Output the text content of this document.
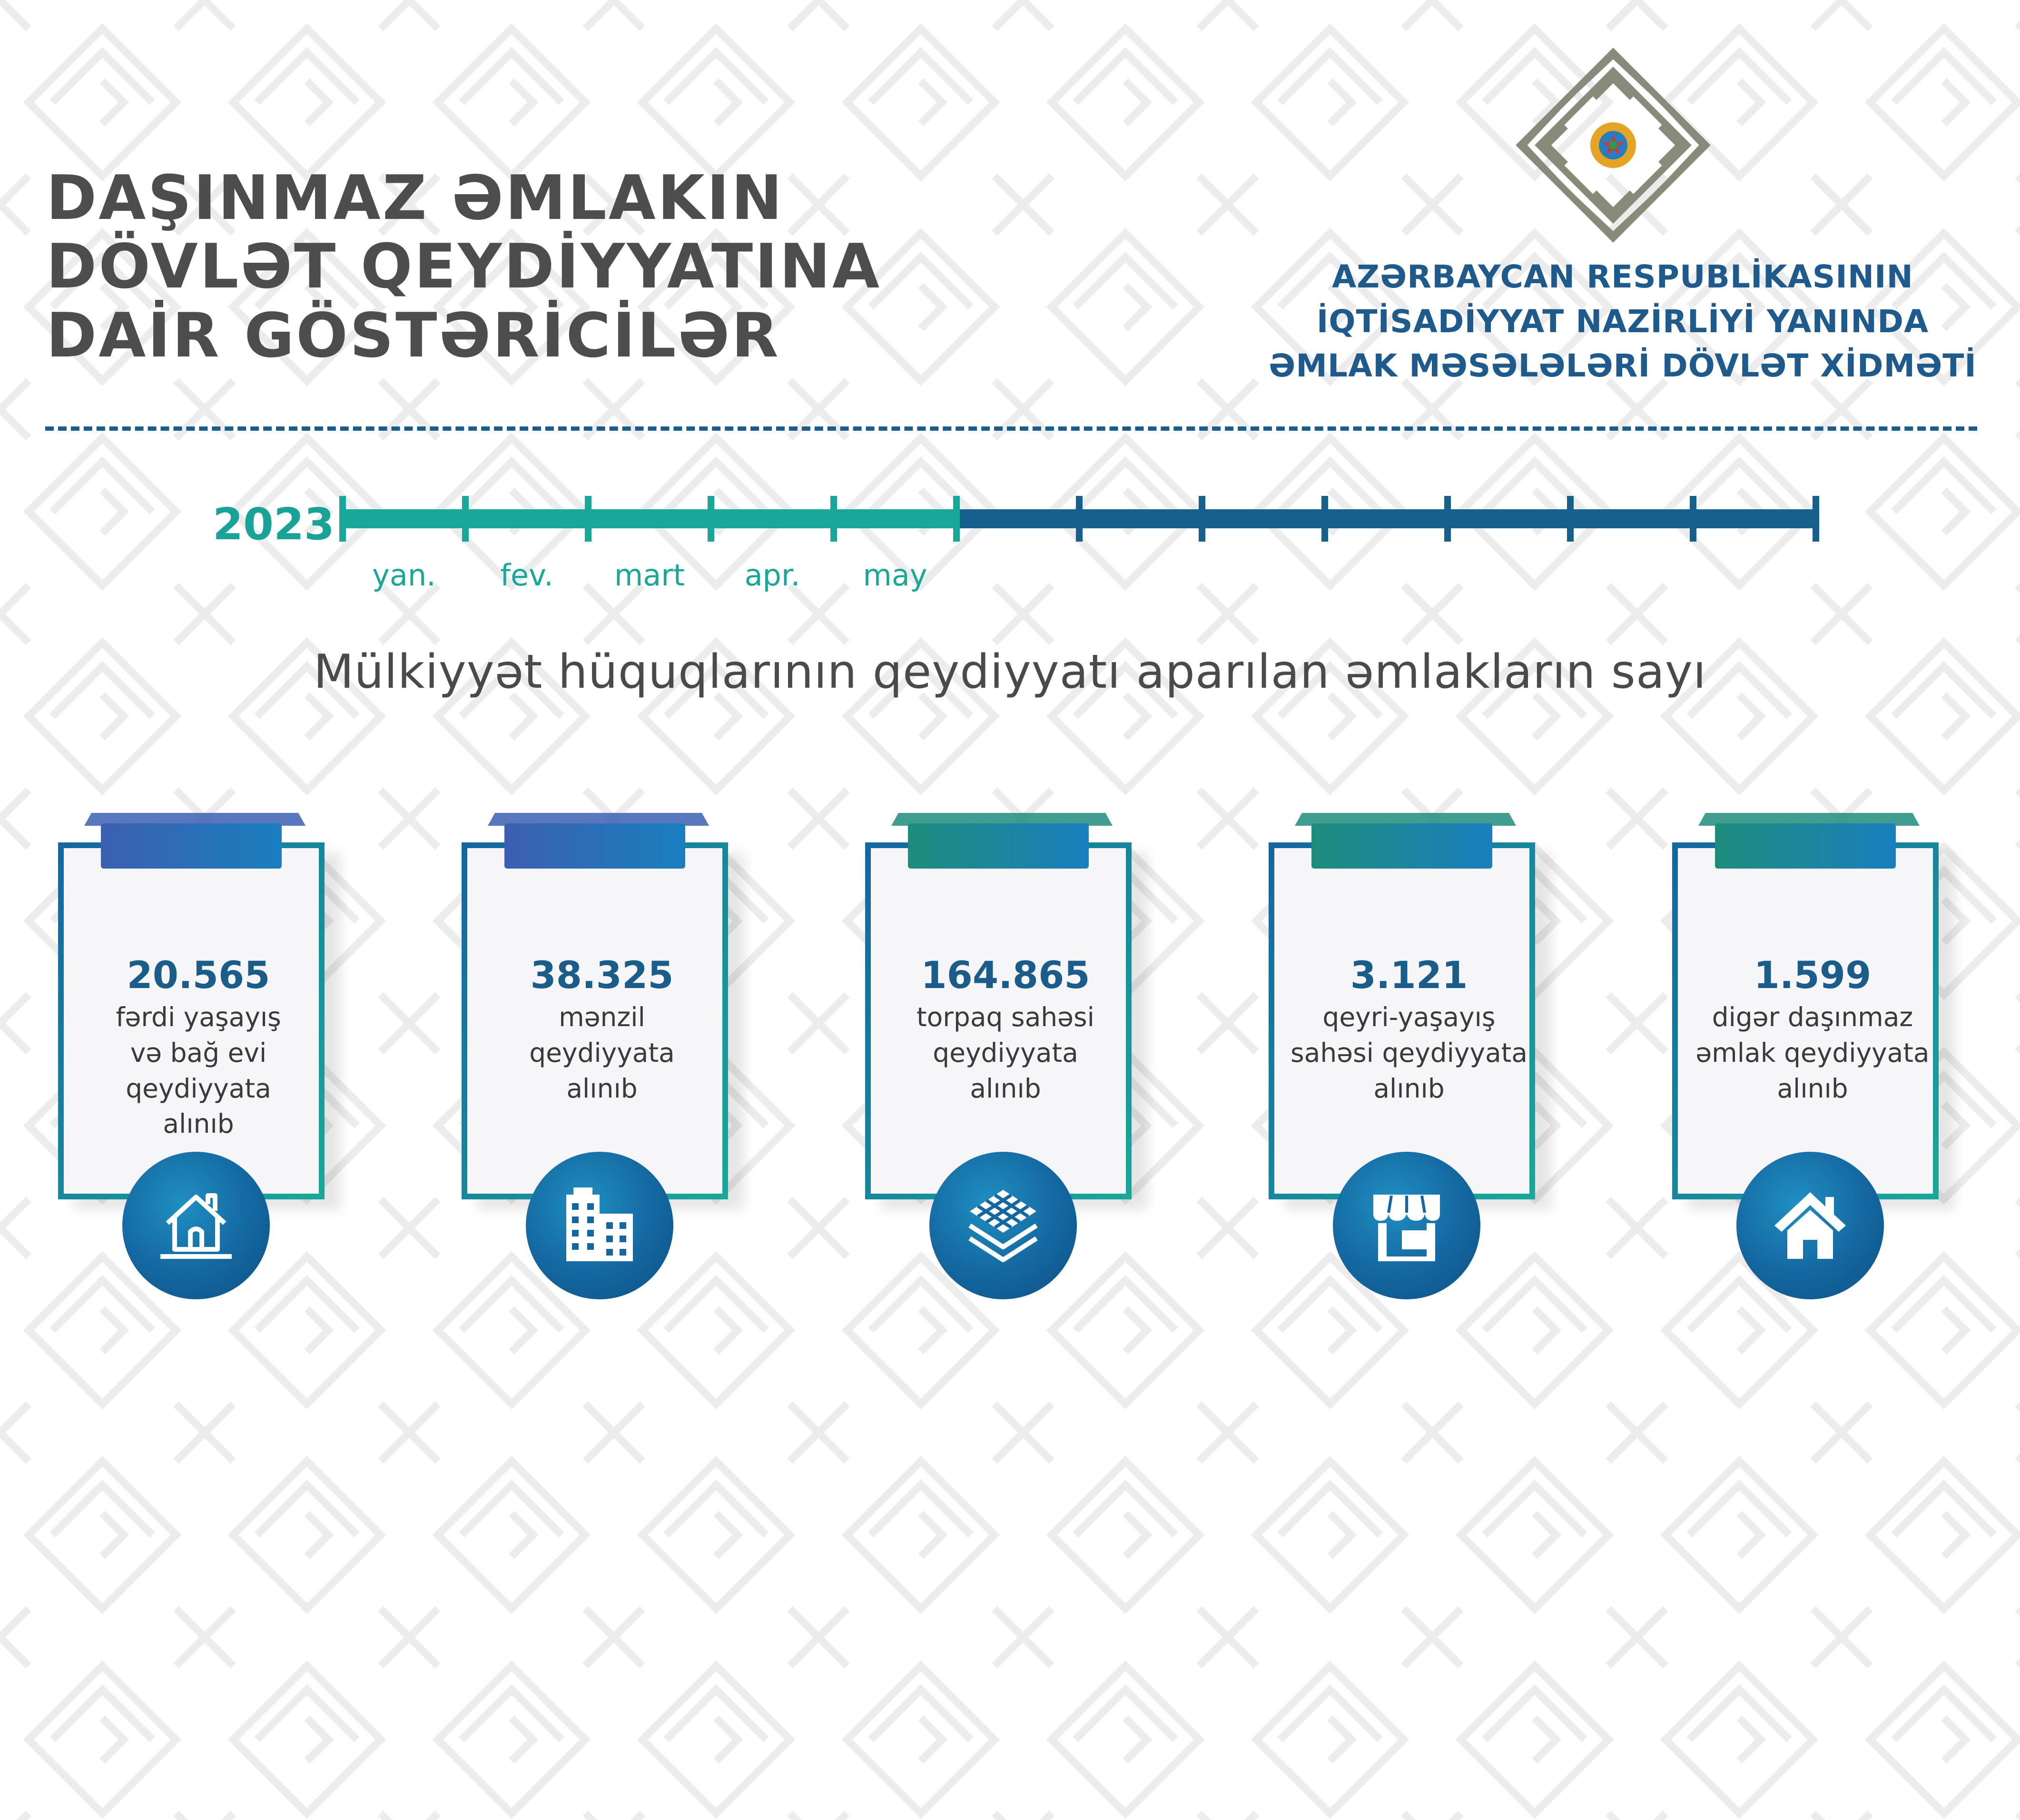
DAŞINMAZ ƏMLAKIN
DÖVLƏT QEYDİYYATINA
DAİR GÖSTƏRİCİLƏR
AZƏRBAYCAN RESPUBLİKASININ
İQTİSADİYYAT NAZİRLİYİ YANINDA
ƏMLAK MƏSƏLƏLƏRİ DÖVLƏT XİDMƏTİ
2023
yan. fev. mart apr. may
Mülkiyyət hüquqlarının qeydiyyatı aparılan əmlakların sayı
20.565
fərdi yaşayış
və bağ evi
qeydiyyata
alınıb
38.325
mənzil
qeydiyyata
alınıb
164.865
torpaq sahəsi
qeydiyyata
alınıb
3.121
qeyri-yaşayış
sahəsi qeydiyyata
alınıb
1.599
digər daşınmaz
əmlak qeydiyyata
alınıb
